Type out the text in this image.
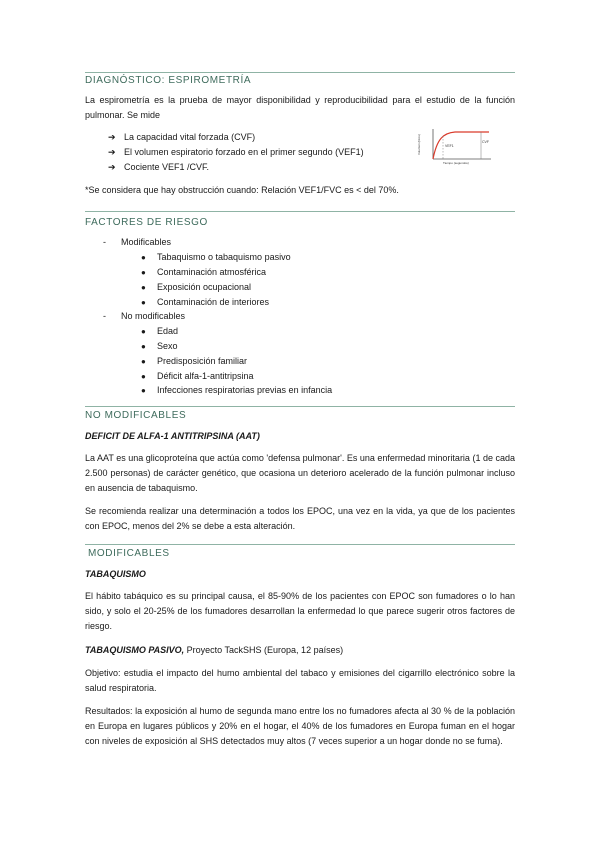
DIAGNÓSTICO: ESPIROMETRÍA
La espirometría es la prueba de mayor disponibilidad y reproducibilidad para el estudio de la función pulmonar. Se mide
➔ La capacidad vital forzada (CVF)
➔ El volumen espiratorio forzado en el primer segundo (VEF1)
➔ Cociente VEF1 /CVF.
VEF1
CVF
Volumen (litros)
Tiempo (segundos)
*Se considera que hay obstrucción cuando: Relación VEF1/FVC es < del 70%.
FACTORES DE RIESGO
- Modificables
● Tabaquismo o tabaquismo pasivo
● Contaminación atmosférica
● Exposición ocupacional
● Contaminación de interiores
- No modificables
● Edad
● Sexo
● Predisposición familiar
● Déficit alfa-1-antitripsina
● Infecciones respiratorias previas en infancia
NO MODIFICABLES
DEFICIT DE ALFA-1 ANTITRIPSINA (AAT)
La AAT es una glicoproteína que actúa como 'defensa pulmonar'. Es una enfermedad minoritaria (1 de cada 2.500 personas) de carácter genético, que ocasiona un deterioro acelerado de la función pulmonar incluso en ausencia de tabaquismo.
Se recomienda realizar una determinación a todos los EPOC, una vez en la vida, ya que de los pacientes con EPOC, menos del 2% se debe a esta alteración.
MODIFICABLES
TABAQUISMO
El hábito tabáquico es su principal causa, el 85-90% de los pacientes con EPOC son fumadores o lo han sido, y solo el 20-25% de los fumadores desarrollan la enfermedad lo que parece sugerir otros factores de riesgo.
TABAQUISMO PASIVO, Proyecto TackSHS (Europa, 12 países)
Objetivo: estudia el impacto del humo ambiental del tabaco y emisiones del cigarrillo electrónico sobre la salud respiratoria.
Resultados: la exposición al humo de segunda mano entre los no fumadores afecta al 30 % de la población en Europa en lugares públicos y 20% en el hogar, el 40% de los fumadores en Europa fuman en el hogar con niveles de exposición al SHS detectados muy altos (7 veces superior a un hogar donde no se fuma).
